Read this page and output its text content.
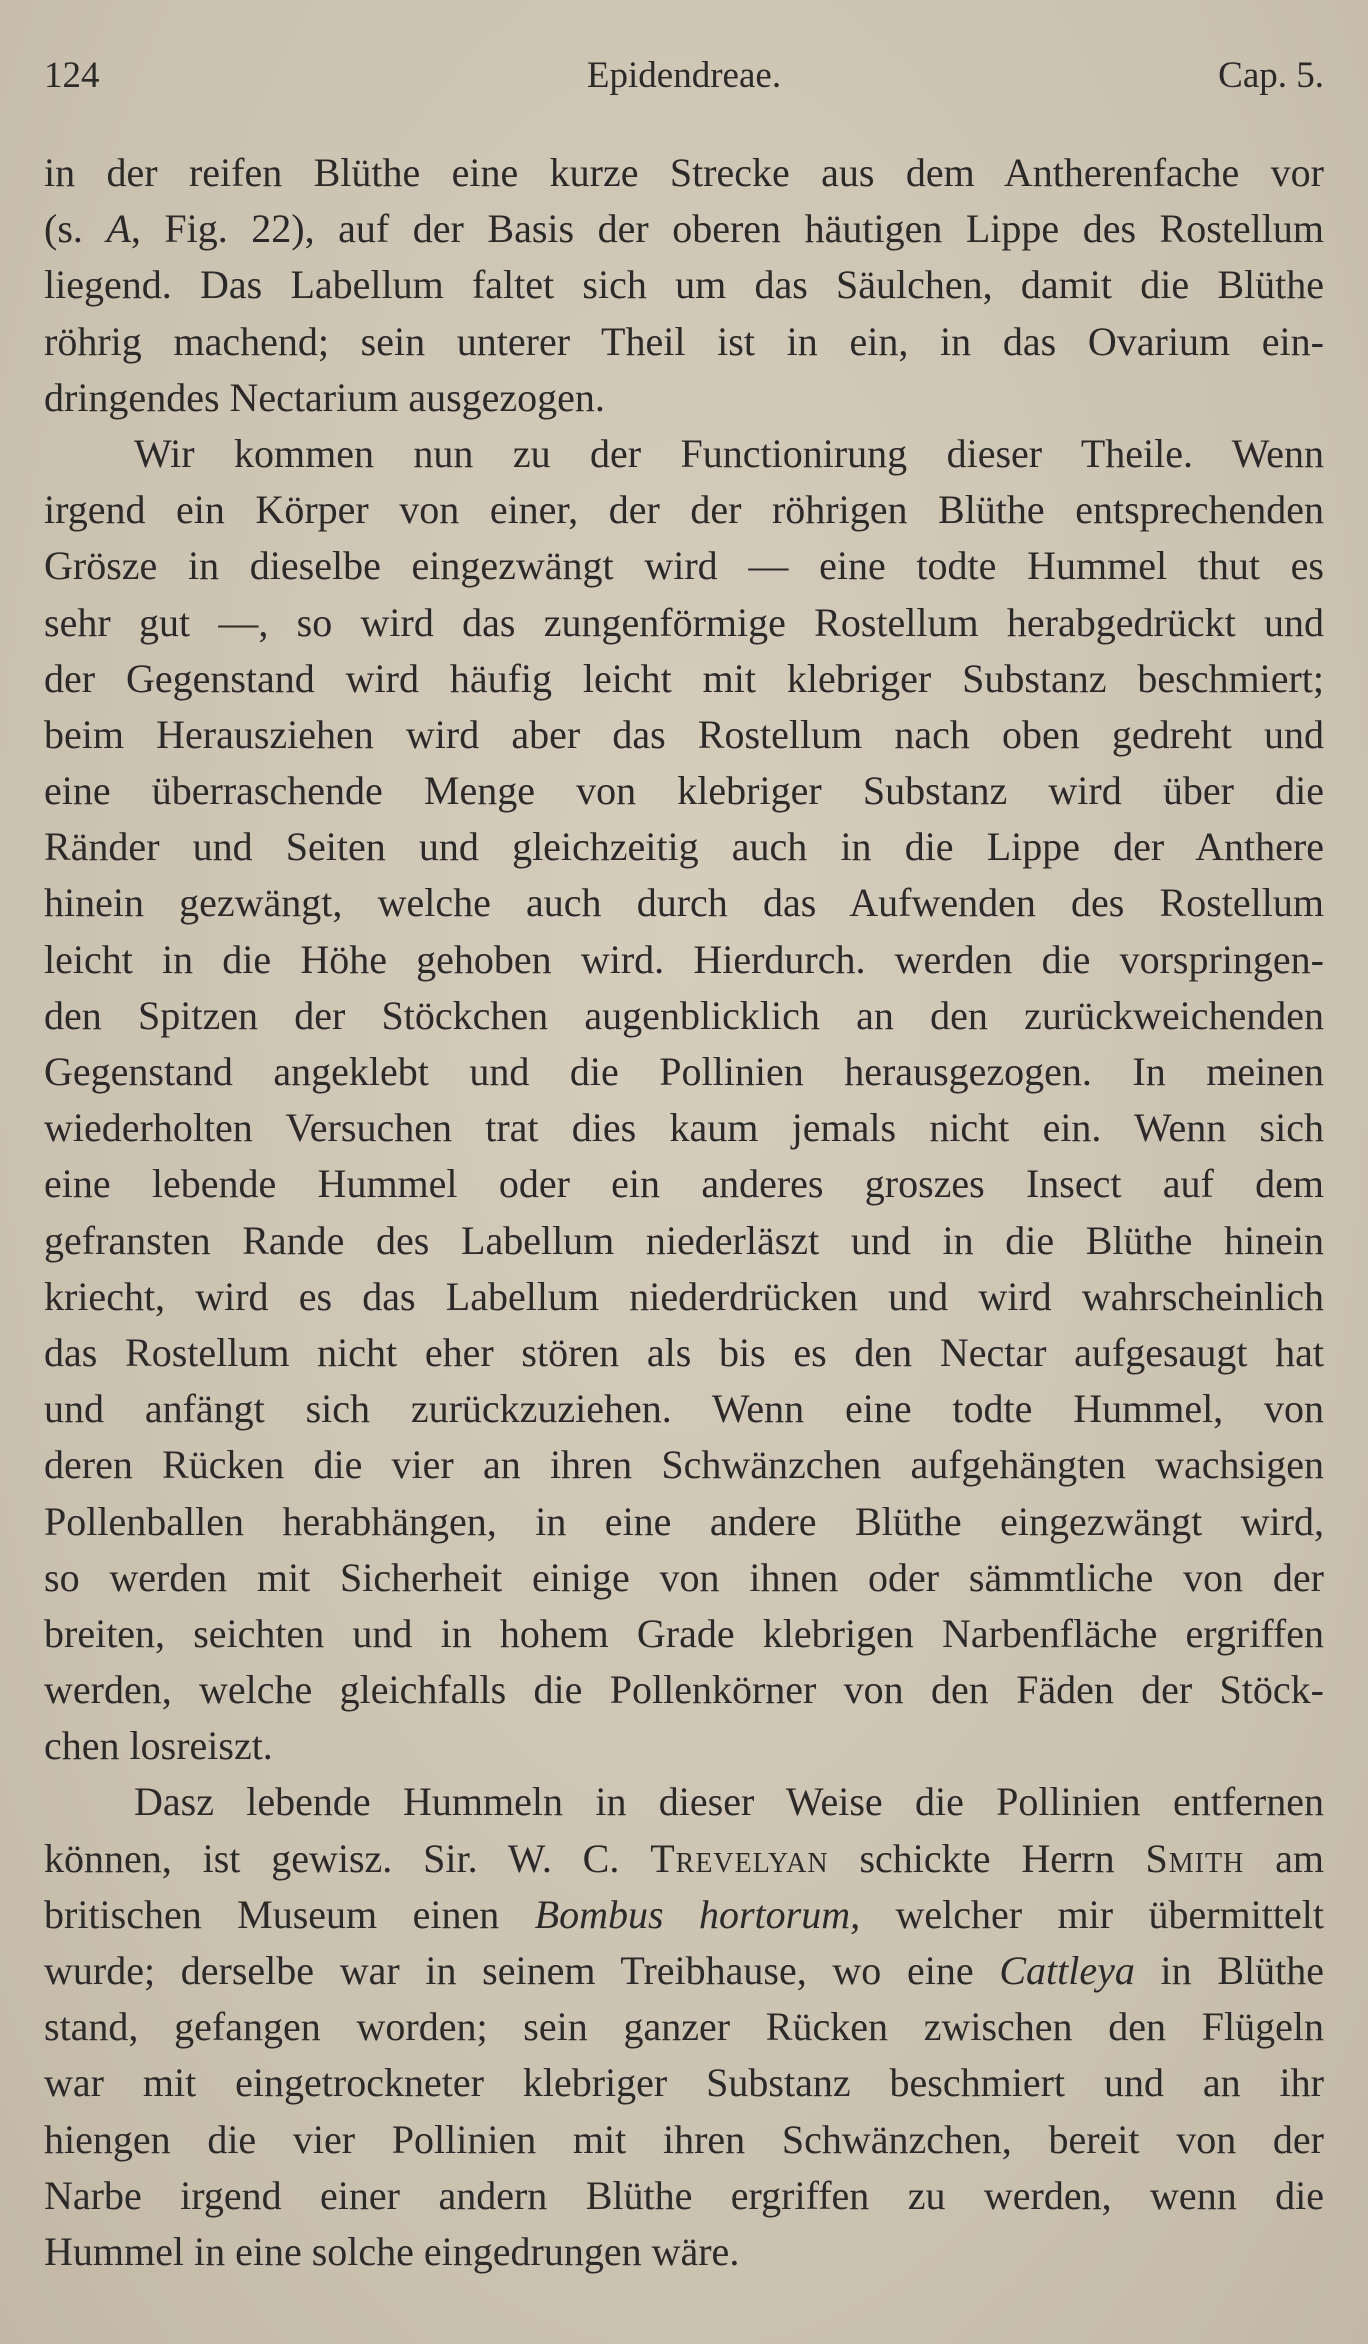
124	Epidendreae.	Cap. 5.

in der reifen Blüthe eine kurze Strecke aus dem Antherenfache vor
(s. A, Fig. 22), auf der Basis der oberen häutigen Lippe des Rostellum
liegend. Das Labellum faltet sich um das Säulchen, damit die Blüthe
röhrig machend; sein unterer Theil ist in ein, in das Ovarium ein-
dringendes Nectarium ausgezogen.

Wir kommen nun zu der Functionirung dieser Theile. Wenn
irgend ein Körper von einer, der der röhrigen Blüthe entsprechenden
Grösze in dieselbe eingezwängt wird — eine todte Hummel thut es
sehr gut —, so wird das zungenförmige Rostellum herabgedrückt und
der Gegenstand wird häufig leicht mit klebriger Substanz beschmiert;
beim Herausziehen wird aber das Rostellum nach oben gedreht und
eine überraschende Menge von klebriger Substanz wird über die
Ränder und Seiten und gleichzeitig auch in die Lippe der Anthere
hinein gezwängt, welche auch durch das Aufwenden des Rostellum
leicht in die Höhe gehoben wird. Hierdurch. werden die vorspringen-
den Spitzen der Stöckchen augenblicklich an den zurückweichenden
Gegenstand angeklebt und die Pollinien herausgezogen. In meinen
wiederholten Versuchen trat dies kaum jemals nicht ein. Wenn sich
eine lebende Hummel oder ein anderes groszes Insect auf dem
gefransten Rande des Labellum niederläszt und in die Blüthe hinein
kriecht, wird es das Labellum niederdrücken und wird wahrscheinlich
das Rostellum nicht eher stören als bis es den Nectar aufgesaugt hat
und anfängt sich zurückzuziehen. Wenn eine todte Hummel, von
deren Rücken die vier an ihren Schwänzchen aufgehängten wachsigen
Pollenballen herabhängen, in eine andere Blüthe eingezwängt wird,
so werden mit Sicherheit einige von ihnen oder sämmtliche von der
breiten, seichten und in hohem Grade klebrigen Narbenfläche ergriffen
werden, welche gleichfalls die Pollenkörner von den Fäden der Stöck-
chen losreiszt.

Dasz lebende Hummeln in dieser Weise die Pollinien entfernen
können, ist gewisz. Sir. W. C. Trevelyan schickte Herrn Smith am
britischen Museum einen Bombus hortorum, welcher mir übermittelt
wurde; derselbe war in seinem Treibhause, wo eine Cattleya in Blüthe
stand, gefangen worden; sein ganzer Rücken zwischen den Flügeln
war mit eingetrockneter klebriger Substanz beschmiert und an ihr
hiengen die vier Pollinien mit ihren Schwänzchen, bereit von der
Narbe irgend einer andern Blüthe ergriffen zu werden, wenn die
Hummel in eine solche eingedrungen wäre.
